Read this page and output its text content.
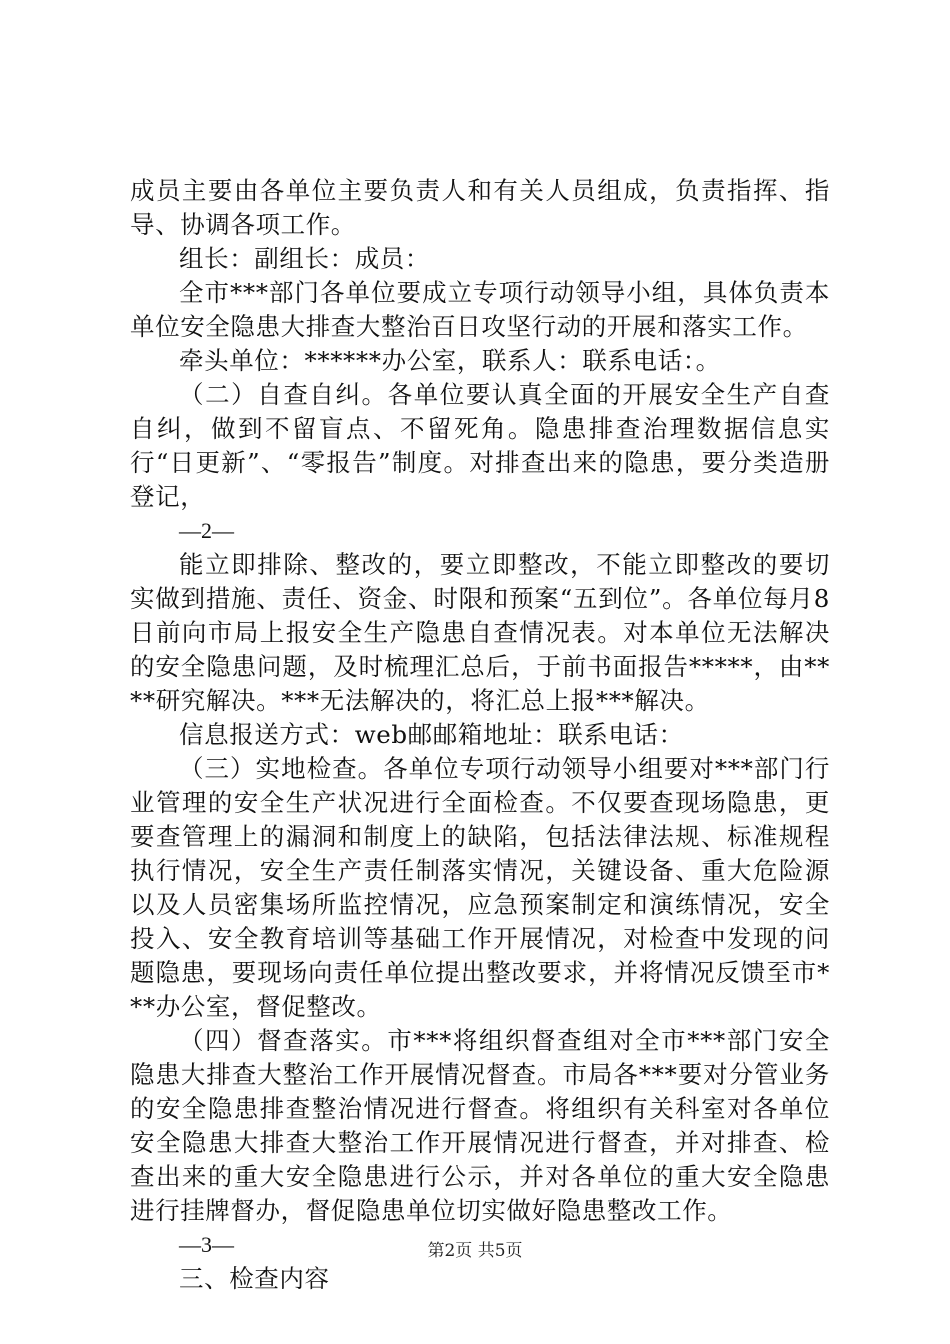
成员主要由各单位主要负责人和有关人员组成，负责指挥、指导、协调各项工作。

组长：副组长：成员：

全市***部门各单位要成立专项行动领导小组，具体负责本单位安全隐患大排查大整治百日攻坚行动的开展和落实工作。

牵头单位：******办公室，联系人：联系电话：。

（二）自查自纠。各单位要认真全面的开展安全生产自查自纠，做到不留盲点、不留死角。隐患排查治理数据信息实行“日更新”、“零报告”制度。对排查出来的隐患，要分类造册登记，

—2—

能立即排除、整改的，要立即整改，不能立即整改的要切实做到措施、责任、资金、时限和预案“五到位”。各单位每月8日前向市局上报安全生产隐患自查情况表。对本单位无法解决的安全隐患问题，及时梳理汇总后，于前书面报告*****，由****研究解决。***无法解决的，将汇总上报***解决。

信息报送方式：web邮邮箱地址：联系电话：

（三）实地检查。各单位专项行动领导小组要对***部门行业管理的安全生产状况进行全面检查。不仅要查现场隐患，更要查管理上的漏洞和制度上的缺陷，包括法律法规、标准规程执行情况，安全生产责任制落实情况，关键设备、重大危险源以及人员密集场所监控情况，应急预案制定和演练情况，安全投入、安全教育培训等基础工作开展情况，对检查中发现的问题隐患，要现场向责任单位提出整改要求，并将情况反馈至市***办公室，督促整改。

（四）督查落实。市***将组织督查组对全市***部门安全隐患大排查大整治工作开展情况督查。市局各***要对分管业务的安全隐患排查整治情况进行督查。将组织有关科室对各单位安全隐患大排查大整治工作开展情况进行督查，并对排查、检查出来的重大安全隐患进行公示，并对各单位的重大安全隐患进行挂牌督办，督促隐患单位切实做好隐患整改工作。

—3—

三、检查内容

第2页 共5页
